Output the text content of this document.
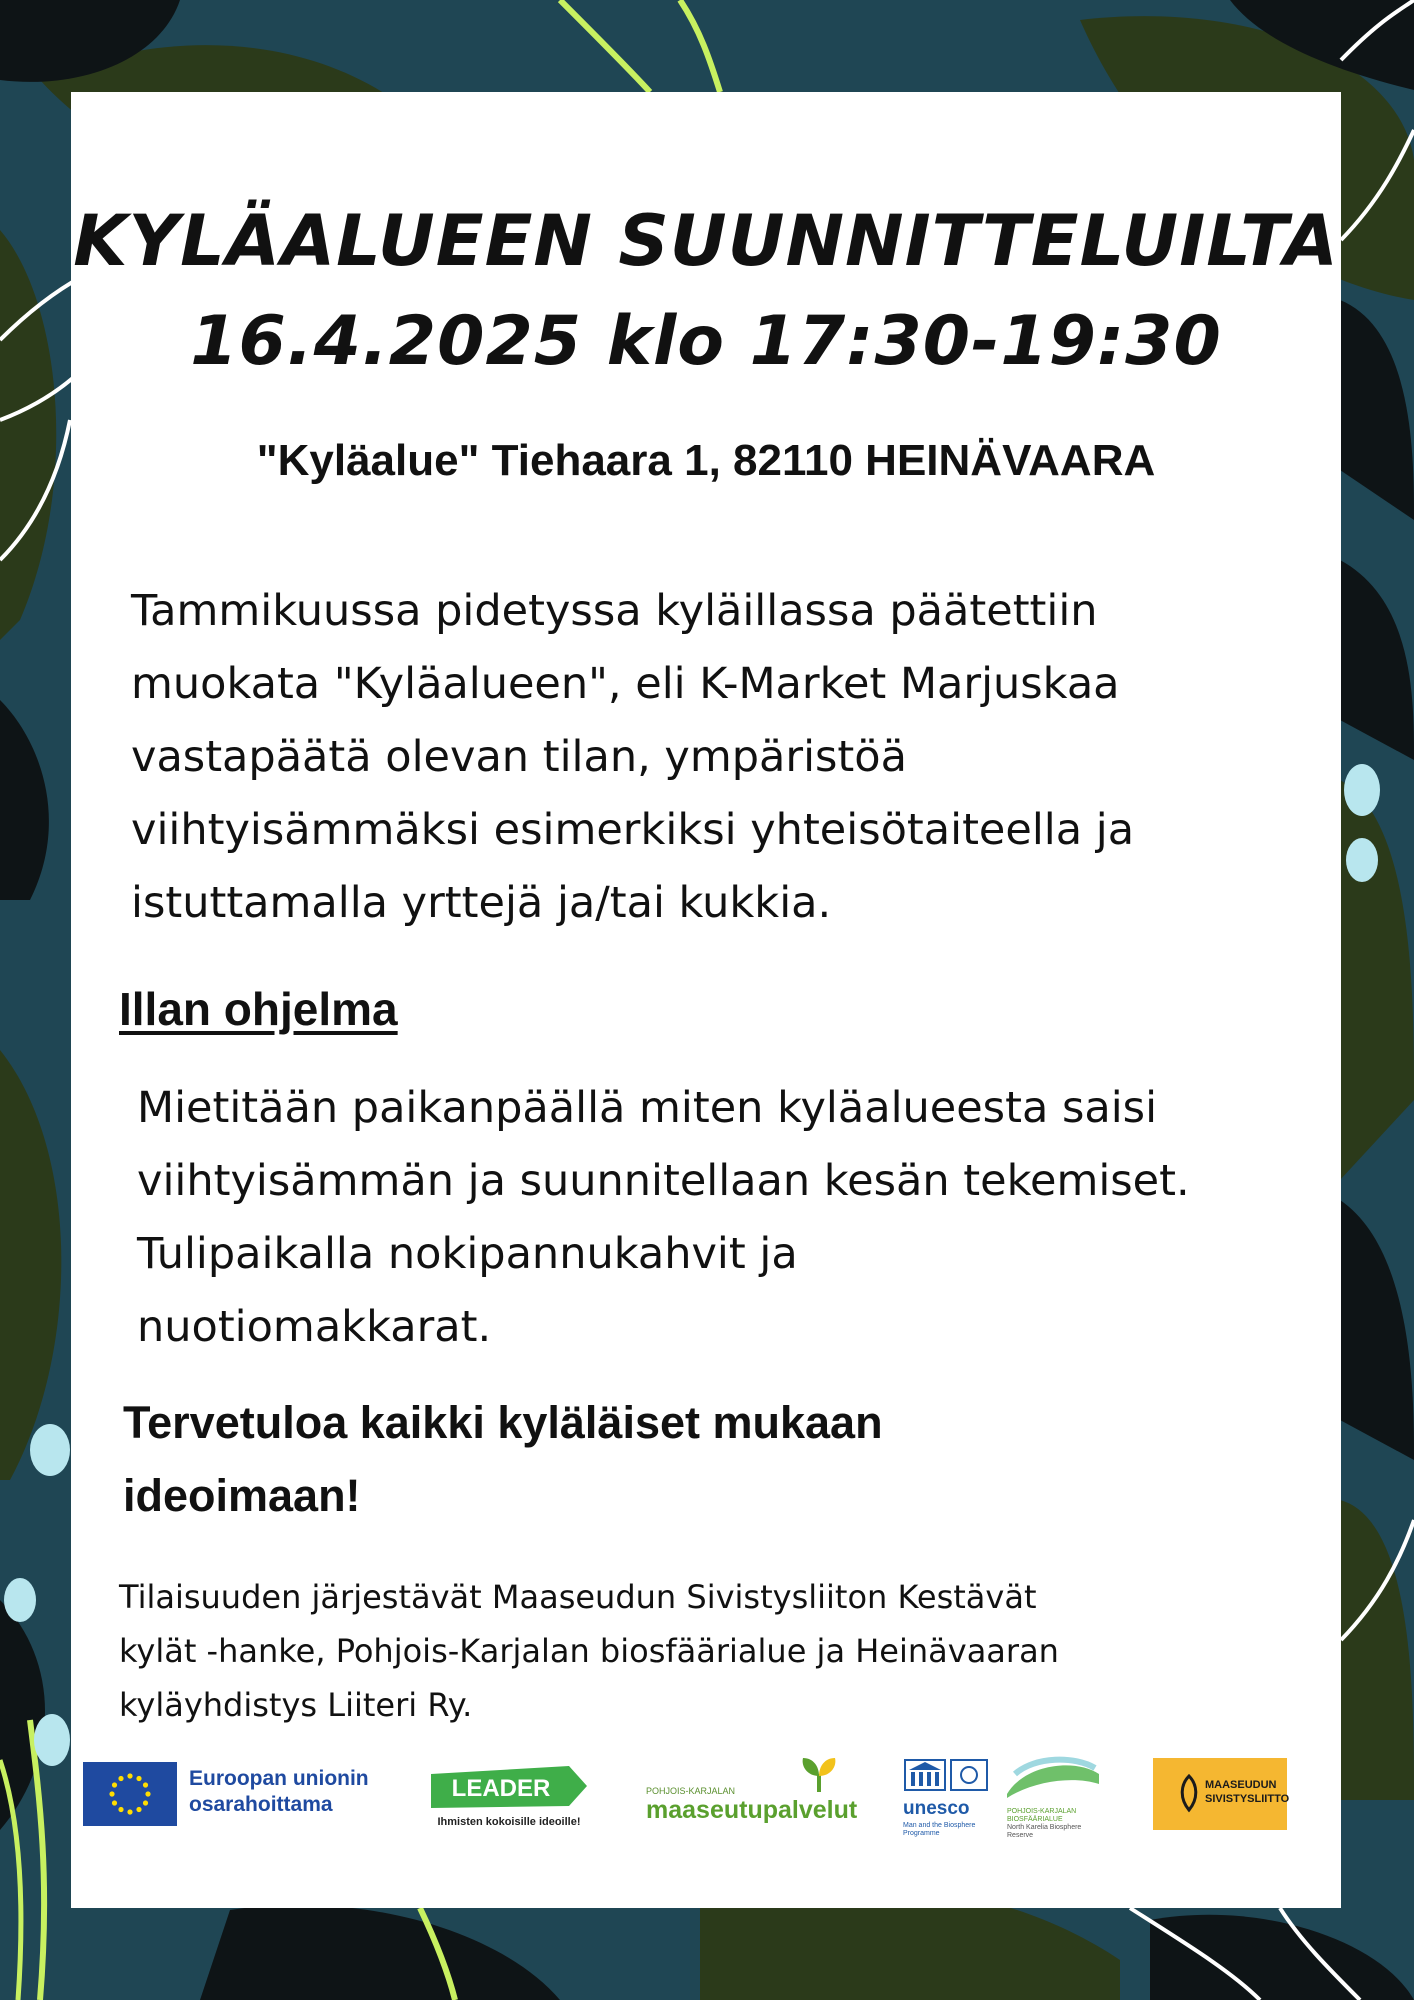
KYLÄALUEEN SUUNNITTELUILTA
16.4.2025 klo 17:30-19:30
"Kyläalue" Tiehaara 1, 82110 HEINÄVAARA
Tammikuussa pidetyssa kyläillassa päätettiin
muokata "Kyläalueen", eli K-Market Marjuskaa
vastapäätä olevan tilan, ympäristöä
viihtyisämmäksi esimerkiksi yhteisötaiteella ja
istuttamalla yrttejä ja/tai kukkia.
Illan ohjelma
Mietitään paikanpäällä miten kyläalueesta saisi
viihtyisämmän ja suunnitellaan kesän tekemiset.
Tulipaikalla nokipannukahvit ja
nuotiomakkarat.
Tervetuloa kaikki kyläläiset mukaan
ideoimaan!
Tilaisuuden järjestävät Maaseudun Sivistysliiton Kestävät
kylät -hanke, Pohjois-Karjalan biosfäärialue ja Heinävaaran
kyläyhdistys Liiteri Ry.
Euroopan unionin
osarahoittama
LEADER
Ihmisten kokoisille ideoille!
POHJOIS-KARJALAN
maaseutupalvelut unesco
Man and the Biosphere Programme
POHJOIS-KARJALAN
BIOSFÄÄRIALUE
North Karelia Biosphere Reserve
MAASEUDUN
SIVISTYSLIITTO
